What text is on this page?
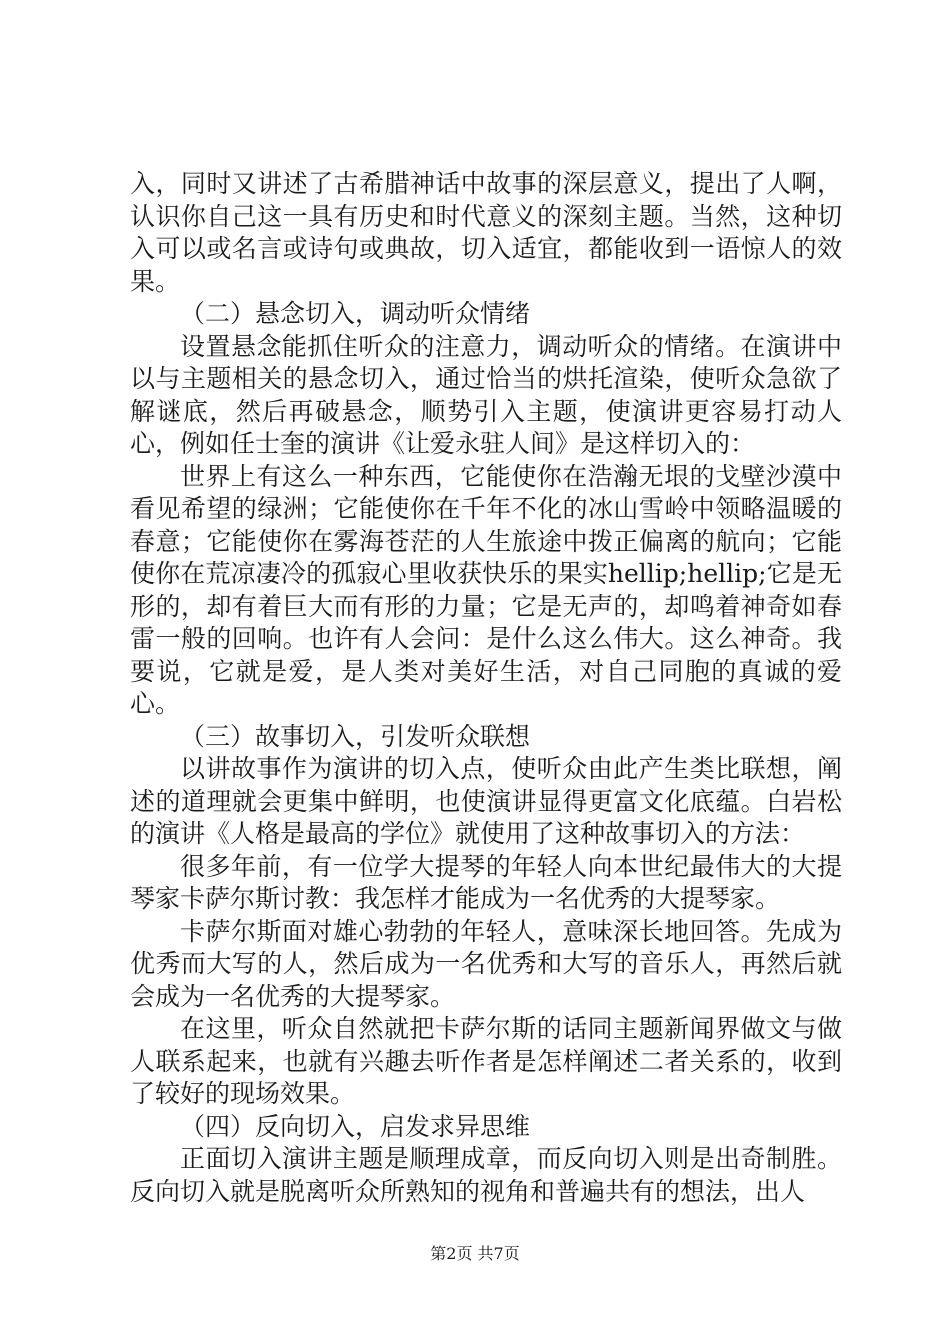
入，同时又讲述了古希腊神话中故事的深层意义，提出了人啊，认识你自己这一具有历史和时代意义的深刻主题。当然，这种切入可以或名言或诗句或典故，切入适宜，都能收到一语惊人的效果。

（二）悬念切入，调动听众情绪

设置悬念能抓住听众的注意力，调动听众的情绪。在演讲中以与主题相关的悬念切入，通过恰当的烘托渲染，使听众急欲了解谜底，然后再破悬念，顺势引入主题，使演讲更容易打动人心，例如任士奎的演讲《让爱永驻人间》是这样切入的：

世界上有这么一种东西，它能使你在浩瀚无垠的戈壁沙漠中看见希望的绿洲；它能使你在千年不化的冰山雪岭中领略温暖的春意；它能使你在雾海苍茫的人生旅途中拨正偏离的航向；它能使你在荒凉凄冷的孤寂心里收获快乐的果实hellip;hellip;它是无形的，却有着巨大而有形的力量；它是无声的，却鸣着神奇如春雷一般的回响。也许有人会问：是什么这么伟大。这么神奇。我要说，它就是爱，是人类对美好生活，对自己同胞的真诚的爱心。

（三）故事切入，引发听众联想

以讲故事作为演讲的切入点，使听众由此产生类比联想，阐述的道理就会更集中鲜明，也使演讲显得更富文化底蕴。白岩松的演讲《人格是最高的学位》就使用了这种故事切入的方法：

很多年前，有一位学大提琴的年轻人向本世纪最伟大的大提琴家卡萨尔斯讨教：我怎样才能成为一名优秀的大提琴家。

卡萨尔斯面对雄心勃勃的年轻人，意味深长地回答。先成为优秀而大写的人，然后成为一名优秀和大写的音乐人，再然后就会成为一名优秀的大提琴家。

在这里，听众自然就把卡萨尔斯的话同主题新闻界做文与做人联系起来，也就有兴趣去听作者是怎样阐述二者关系的，收到了较好的现场效果。

（四）反向切入，启发求异思维

正面切入演讲主题是顺理成章，而反向切入则是出奇制胜。反向切入就是脱离听众所熟知的视角和普遍共有的想法，出人

第2页 共7页
